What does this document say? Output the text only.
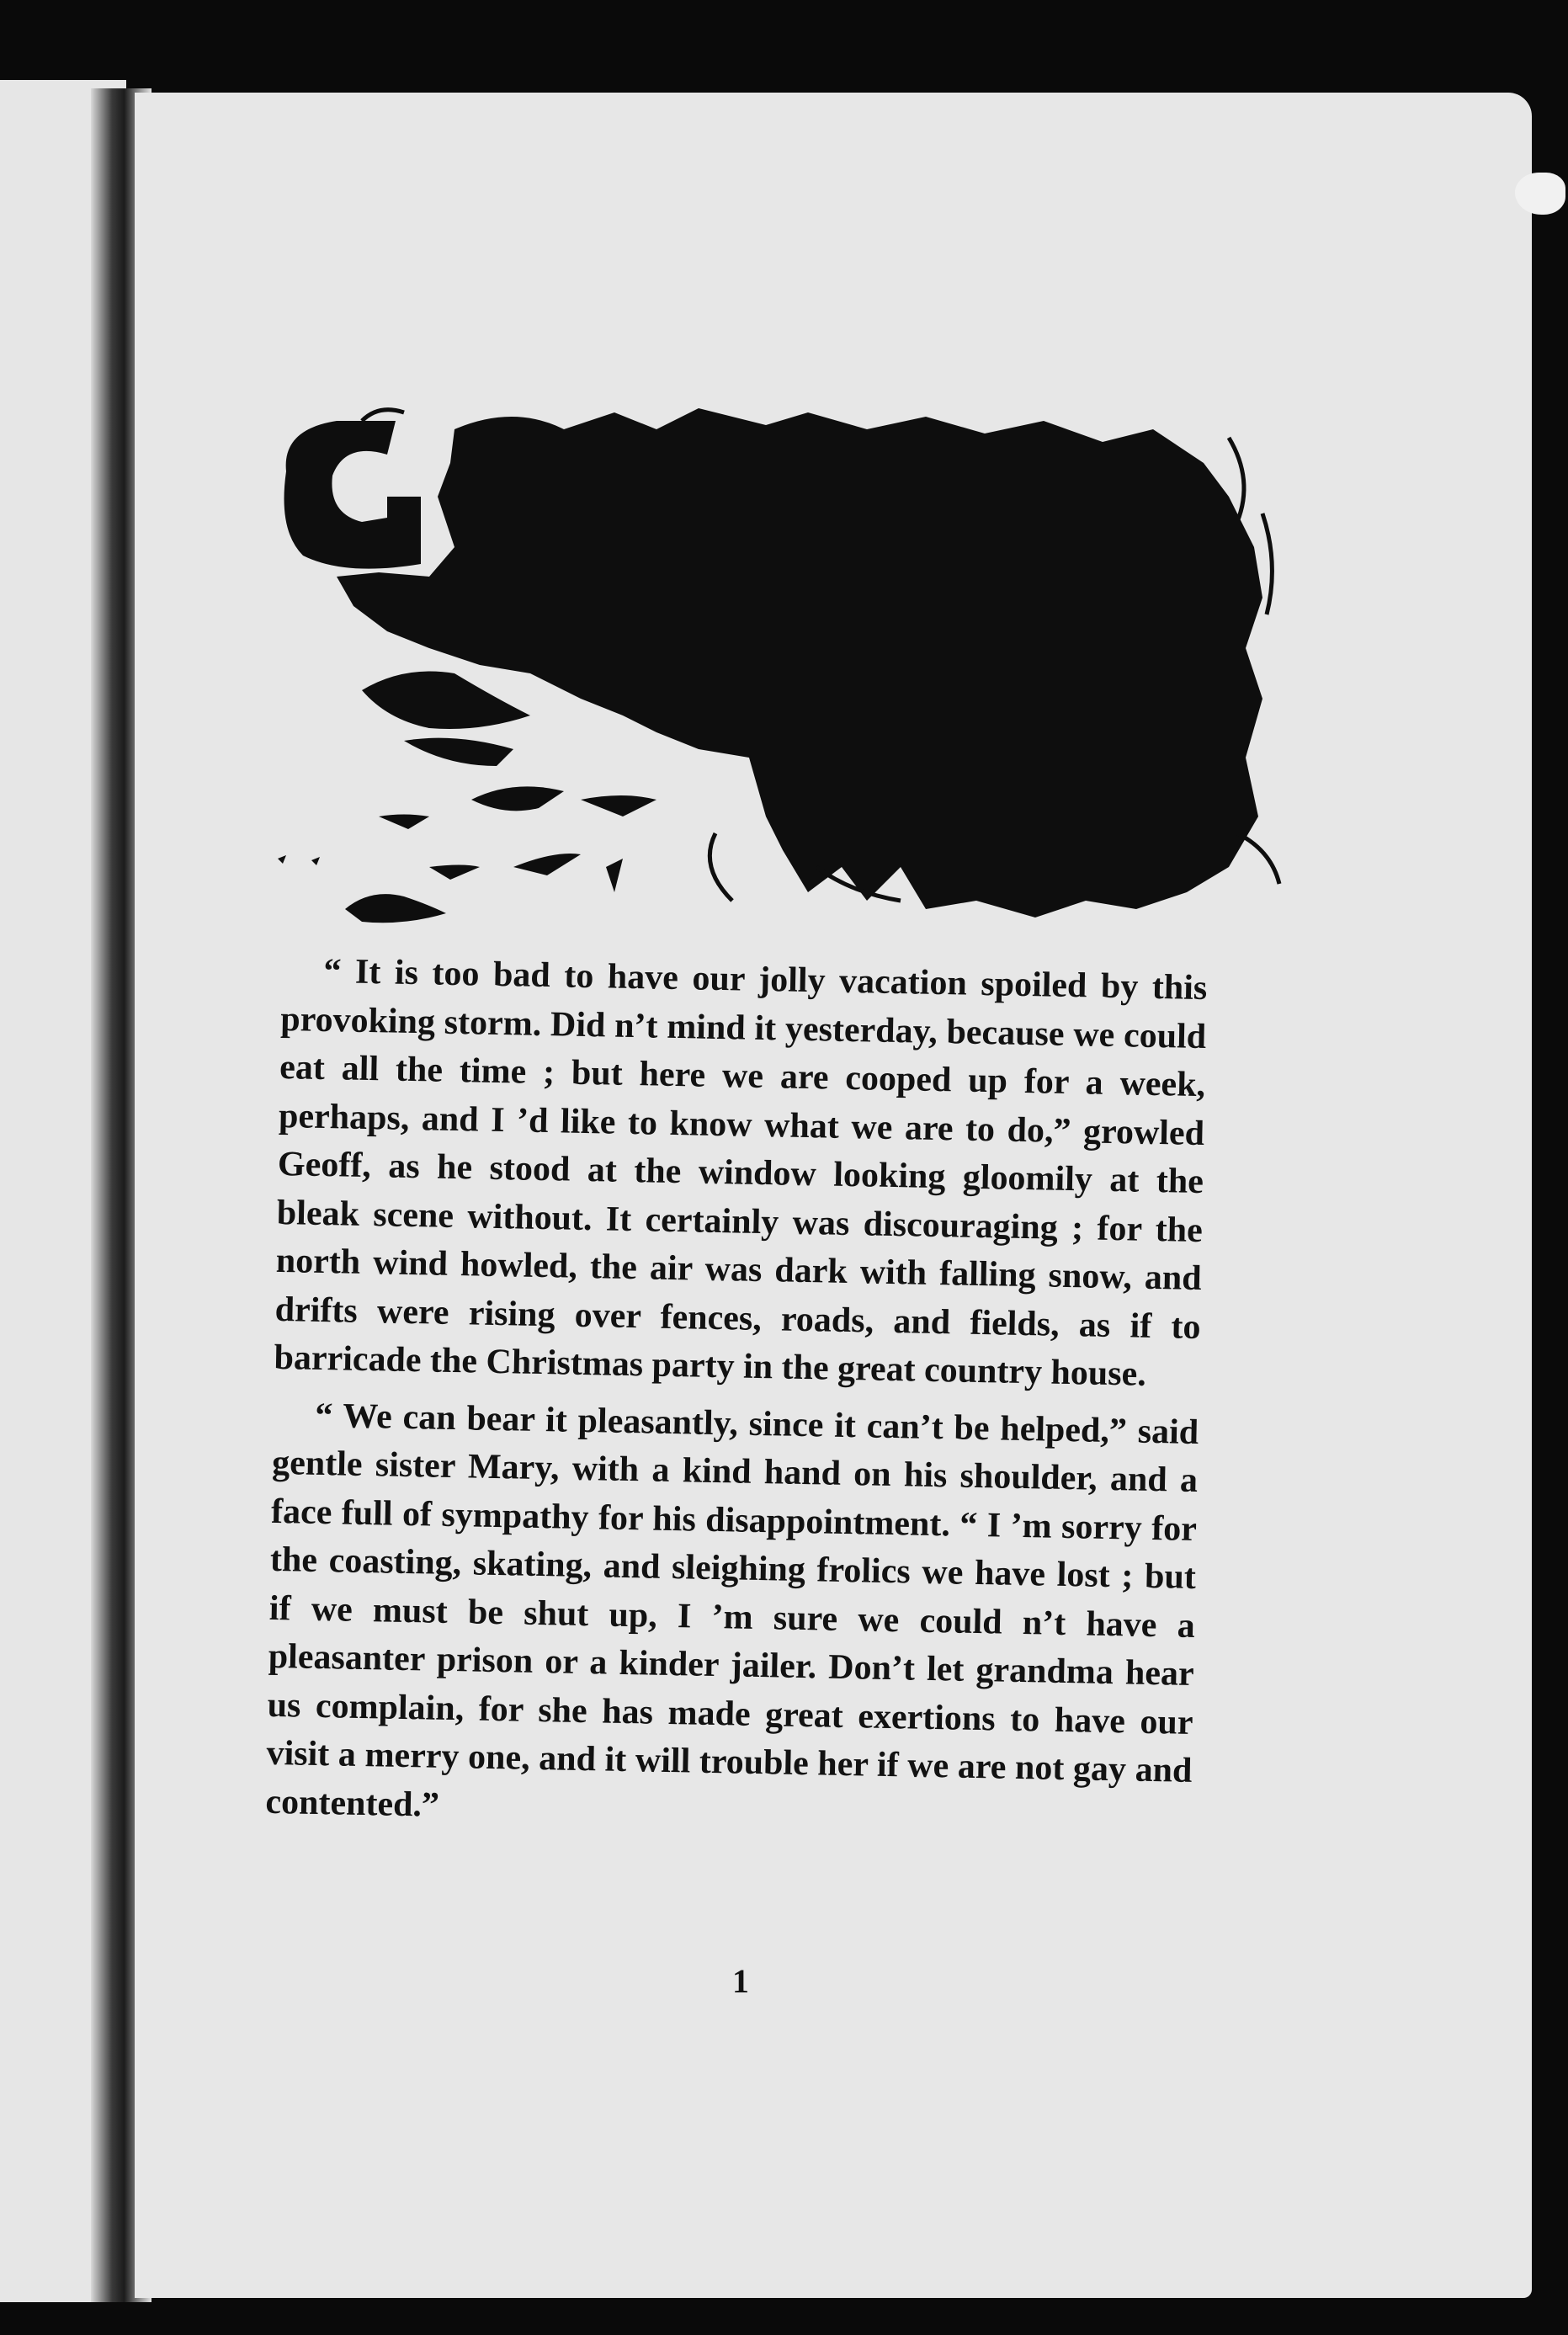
“ It is too bad to have our jolly vacation spoiled by this provoking storm. Did n’t mind it yesterday, because we could eat all the time ; but here we are cooped up for a week, perhaps, and I ’d like to know what we are to do,” growled Geoff, as he stood at the window looking gloomily at the bleak scene without. It certainly was discouraging ; for the north wind howled, the air was dark with falling snow, and drifts were rising over fences, roads, and fields, as if to barricade the Christmas party in the great country house.

“ We can bear it pleasantly, since it can’t be helped,” said gentle sister Mary, with a kind hand on his shoulder, and a face full of sympathy for his disappointment. “ I ’m sorry for the coasting, skating, and sleighing frolics we have lost ; but if we must be shut up, I ’m sure we could n’t have a pleasanter prison or a kinder jailer. Don’t let grandma hear us complain, for she has made great exertions to have our visit a merry one, and it will trouble her if we are not gay and contented.”

1
